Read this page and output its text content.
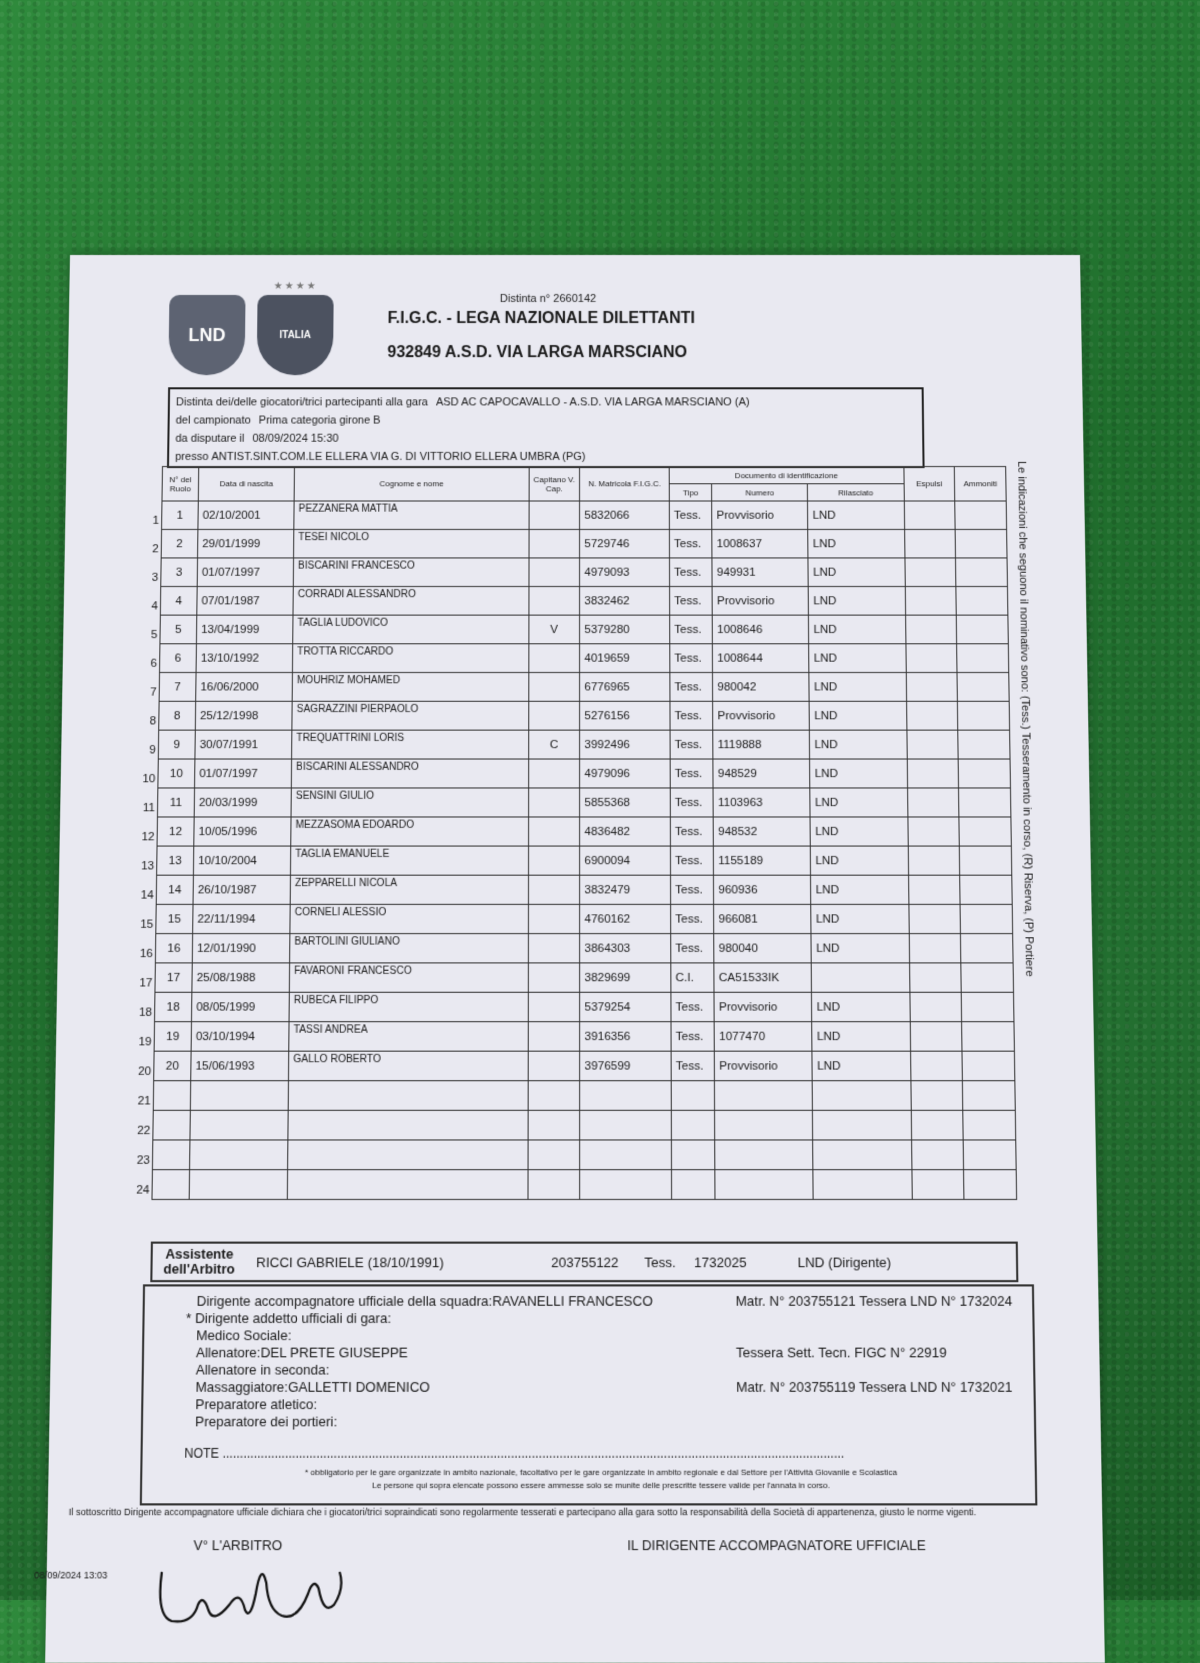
LND
★★★★
ITALIA
Distinta n° 2660142
F.I.G.C. - LEGA NAZIONALE DILETTANTI
932849 A.S.D. VIA LARGA MARSCIANO
Distinta dei/delle giocatori/trici partecipanti alla gara ASD AC CAPOCAVALLO - A.S.D. VIA LARGA MARSCIANO (A)
del campionato Prima categoria girone B
da disputare il 08/09/2024 15:30
presso ANTIST.SINT.COM.LE ELLERA VIA G. DI VITTORIO ELLERA UMBRA (PG)
1
2
3
4
5
6
7
8
9
10
11
12
13
14
15
16
17
18
19
20
21
22
23
24
N° del Ruolo	Data di nascita	Cognome e nome	Capitano V. Cap.	N. Matricola F.I.G.C.	Documento di identificazione			Espulsi	Ammoniti
					Tipo	Numero	Rilasciato		
1	02/10/2001	PEZZANERA MATTIA		5832066	Tess.	Provvisorio	LND		
2	29/01/1999	TESEI NICOLO		5729746	Tess.	1008637	LND		
3	01/07/1997	BISCARINI FRANCESCO		4979093	Tess.	949931	LND		
4	07/01/1987	CORRADI ALESSANDRO		3832462	Tess.	Provvisorio	LND		
5	13/04/1999	TAGLIA LUDOVICO	V	5379280	Tess.	1008646	LND		
6	13/10/1992	TROTTA RICCARDO		4019659	Tess.	1008644	LND		
7	16/06/2000	MOUHRIZ MOHAMED		6776965	Tess.	980042	LND		
8	25/12/1998	SAGRAZZINI PIERPAOLO		5276156	Tess.	Provvisorio	LND		
9	30/07/1991	TREQUATTRINI LORIS	C	3992496	Tess.	1119888	LND		
10	01/07/1997	BISCARINI ALESSANDRO		4979096	Tess.	948529	LND		
11	20/03/1999	SENSINI GIULIO		5855368	Tess.	1103963	LND		
12	10/05/1996	MEZZASOMA EDOARDO		4836482	Tess.	948532	LND		
13	10/10/2004	TAGLIA EMANUELE		6900094	Tess.	1155189	LND		
14	26/10/1987	ZEPPARELLI NICOLA		3832479	Tess.	960936	LND		
15	22/11/1994	CORNELI ALESSIO		4760162	Tess.	966081	LND		
16	12/01/1990	BARTOLINI GIULIANO		3864303	Tess.	980040	LND		
17	25/08/1988	FAVARONI FRANCESCO		3829699	C.I.	CA51533IK			
18	08/05/1999	RUBECA FILIPPO		5379254	Tess.	Provvisorio	LND		
19	03/10/1994	TASSI ANDREA		3916356	Tess.	1077470	LND		
20	15/06/1993	GALLO ROBERTO		3976599	Tess.	Provvisorio	LND		

Le indicazioni che seguono il nominativo sono: (Tess.) Tesseramento in corso, (R) Riserva, (P) Portiere
Assistente
dell'Arbitro	RICCI GABRIELE (18/10/1991)	203755122	Tess.	1732025	LND (Dirigente)
Dirigente accompagnatore ufficiale della squadra:RAVANELLI FRANCESCO	Matr. N° 203755121 Tessera LND N° 1732024
* Dirigente addetto ufficiali di gara:
Medico Sociale:
Allenatore:DEL PRETE GIUSEPPE	Tessera Sett. Tecn. FIGC N° 22919
Allenatore in seconda:
Massaggiatore:GALLETTI DOMENICO	Matr. N° 203755119 Tessera LND N° 1732021
Preparatore atletico:
Preparatore dei portieri:
NOTE ...................................................................................................................................................................................
* obbligatorio per le gare organizzate in ambito nazionale, facoltativo per le gare organizzate in ambito regionale e dal Settore per l'Attività Giovanile e Scolastica
Le persone qui sopra elencate possono essere ammesse solo se munite delle prescritte tessere valide per l'annata in corso.
Il sottoscritto Dirigente accompagnatore ufficiale dichiara che i giocatori/trici sopraindicati sono regolarmente tesserati e partecipano alla gara sotto la responsabilità della Società di appartenenza, giusto le norme vigenti.
V° L'ARBITRO	IL DIRIGENTE ACCOMPAGNATORE UFFICIALE
08/09/2024 13:03
